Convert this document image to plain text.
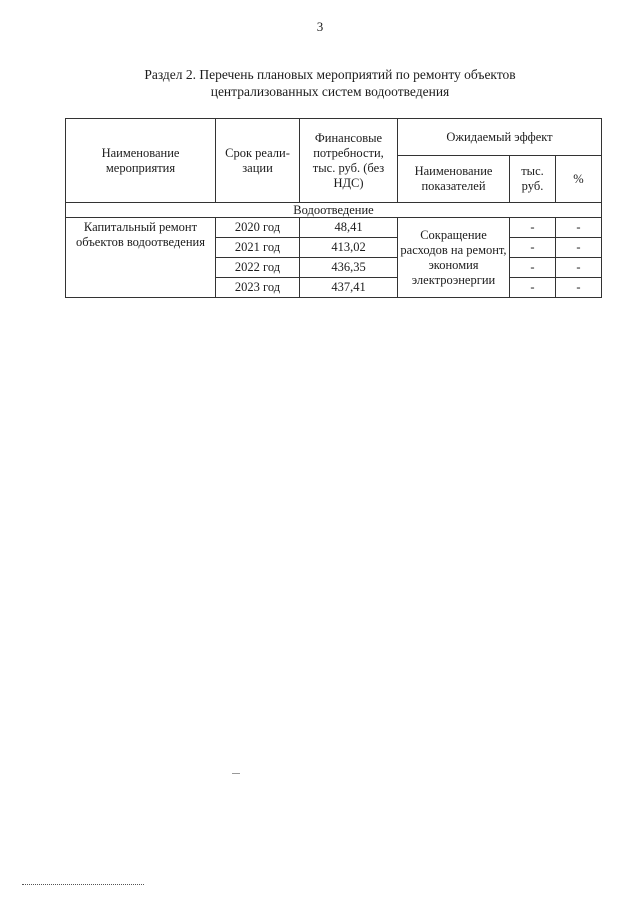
3
Раздел 2. Перечень плановых мероприятий по ремонту объектов
централизованных систем водоотведения
Наименование мероприятия	Срок реали-зации	Финансовые потребности, тыс. руб. (без НДС)	Ожидаемый эффект		
			Наименование показателей	тыс. руб.	%
Водоотведение					
Капитальный ремонт объектов водоотведения	2020 год	48,41	Сокращение расходов на ремонт, экономия электроэнергии	-	-
	2021 год	413,02		-	-
	2022 год	436,35		-	-
	2023 год	437,41		-	-
